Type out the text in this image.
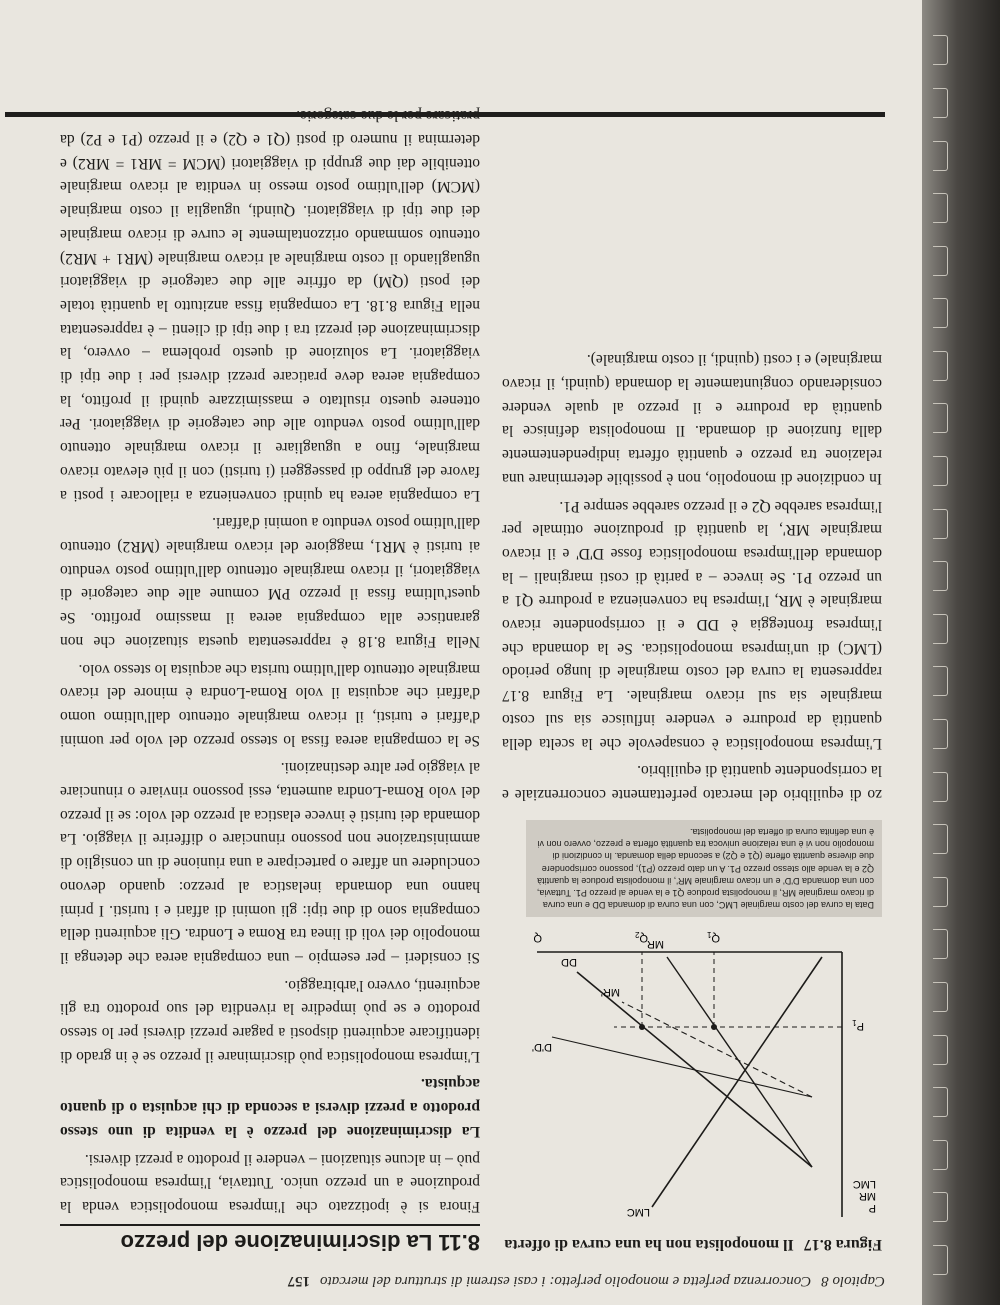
Capitolo 8
Concorrenza perfetta e monopolio perfetto: i casi estremi di struttura del mercato
157
Figura 8.17 Il monopolista non ha una curva di offerta
P
MR
LMC
LMC
D'D'
MR'
DD
MR
$P_1$
$Q_1$
$Q_2$
Q
Data la curva del costo marginale LMC, con una curva di domanda DD e una curva di ricavo marginale MR, il monopolista produce Q1 e la vende al prezzo P1. Tuttavia, con una domanda D'D' e un ricavo marginale MR', il monopolista produce la quantità Q2 e la vende allo stesso prezzo P1. A un dato prezzo (P1), possono corrispondere due diverse quantità offerte (Q1 e Q2) a seconda della domanda. In condizioni di monopolio non vi è una relazione univoca tra quantità offerta e prezzo, ovvero non vi è una definita curva di offerta del monopolista.

zo di equilibrio del mercato perfettamente concorrenziale e la corrispondente quantità di equilibrio.

L'impresa monopolistica è consapevole che la scelta della quantità da produrre e vendere influisce sia sul costo marginale sia sul ricavo marginale. La Figura 8.17 rappresenta la curva del costo marginale di lungo periodo (LMC) di un'impresa monopolistica. Se la domanda che l'impresa fronteggia è DD e il corrispondente ricavo marginale è MR, l'impresa ha convenienza a produrre Q1 a un prezzo P1. Se invece – a parità di costi marginali – la domanda dell'impresa monopolistica fosse D'D' e il ricavo marginale MR', la quantità di produzione ottimale per l'impresa sarebbe Q2 e il prezzo sarebbe sempre P1.

In condizione di monopolio, non è possibile determinare una relazione tra prezzo e quantità offerta indipendentemente dalla funzione di domanda. Il monopolista definisce la quantità da produrre e il prezzo al quale vendere considerando congiuntamente la domanda (quindi, il ricavo marginale) e i costi (quindi, il costo marginale).

8.11 La discriminazione del prezzo

Finora si è ipotizzato che l'impresa monopolistica venda la produzione a un prezzo unico. Tuttavia, l'impresa monopolistica può – in alcune situazioni – vendere il prodotto a prezzi diversi.

La discriminazione del prezzo è la vendita di uno stesso prodotto a prezzi diversi a seconda di chi acquista o di quanto acquista.

L'impresa monopolistica può discriminare il prezzo se è in grado di identificare acquirenti disposti a pagare prezzi diversi per lo stesso prodotto e se può impedire la rivendita del suo prodotto tra gli acquirenti, ovvero l'arbitraggio.

Si consideri – per esempio – una compagnia aerea che detenga il monopolio dei voli di linea tra Roma e Londra. Gli acquirenti della compagnia sono di due tipi: gli uomini di affari e i turisti. I primi hanno una domanda inelastica al prezzo: quando devono concludere un affare o partecipare a una riunione di un consiglio di amministrazione non possono rinunciare o differire il viaggio. La domanda dei turisti è invece elastica al prezzo del volo: se il prezzo del volo Roma-Londra aumenta, essi possono rinviare o rinunciare al viaggio per altre destinazioni.

Se la compagnia aerea fissa lo stesso prezzo del volo per uomini d'affari e turisti, il ricavo marginale ottenuto dall'ultimo uomo d'affari che acquista il volo Roma-Londra è minore del ricavo marginale ottenuto dall'ultimo turista che acquista lo stesso volo.

Nella Figura 8.18 è rappresentata questa situazione che non garantisce alla compagnia aerea il massimo profitto. Se quest'ultima fissa il prezzo PM comune alle due categorie di viaggiatori, il ricavo marginale ottenuto dall'ultimo posto venduto ai turisti è MR1, maggiore del ricavo marginale (MR2) ottenuto dall'ultimo posto venduto a uomini d'affari.

La compagnia aerea ha quindi convenienza a riallocare i posti a favore del gruppo di passeggeri (i turisti) con il più elevato ricavo marginale, fino a uguagliare il ricavo marginale ottenuto dall'ultimo posto venduto alle due categorie di viaggiatori. Per ottenere questo risultato e massimizzare quindi il profitto, la compagnia aerea deve praticare prezzi diversi per i due tipi di viaggiatori. La soluzione di questo problema – ovvero, la discriminazione dei prezzi tra i due tipi di clienti – è rappresentata nella Figura 8.18. La compagnia fissa anzitutto la quantità totale dei posti (QM) da offrire alle due categorie di viaggiatori uguagliando il costo marginale al ricavo marginale (MR1 + MR2) ottenuto sommando orizzontalmente le curve di ricavo marginale dei due tipi di viaggiatori. Quindi, uguaglia il costo marginale (MCM) dell'ultimo posto messo in vendita al ricavo marginale ottenibile dai due gruppi di viaggiatori (MCM = MR1 = MR2) e determina il numero di posti (Q1 e Q2) e il prezzo (P1 e P2) da
